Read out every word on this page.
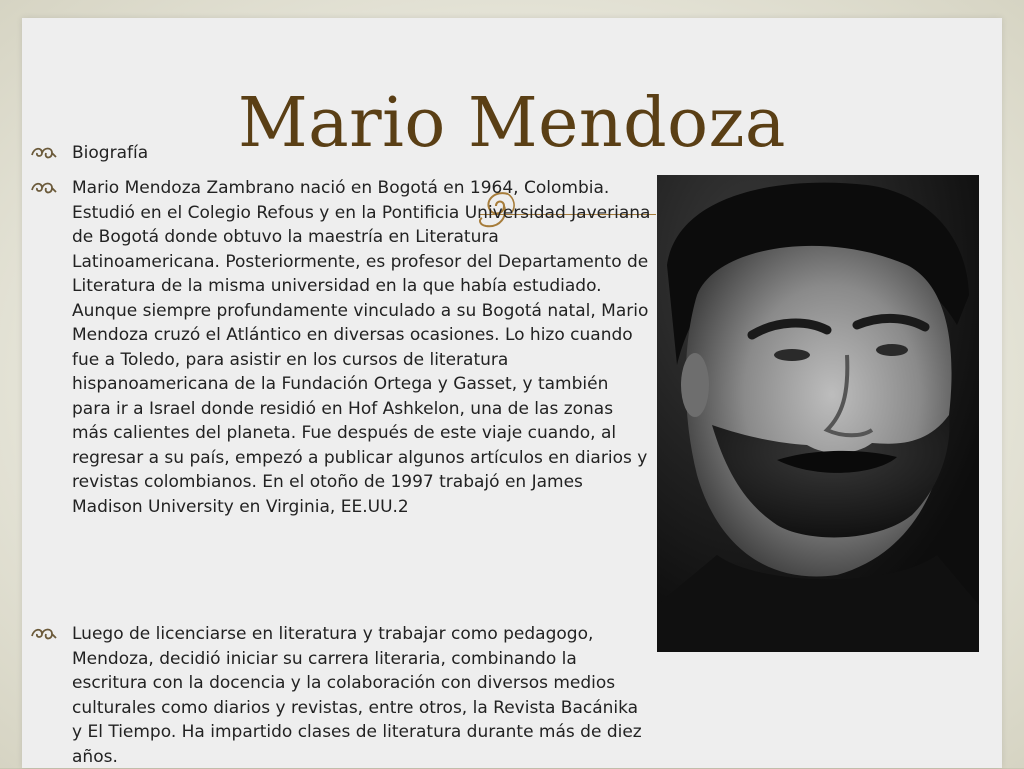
Mario Mendoza
Biografía
Mario Mendoza Zambrano nació en Bogotá en 1964, Colombia. Estudió en el Colegio Refous y en la Pontificia Universidad Javeriana de Bogotá donde obtuvo la maestría en Literatura Latinoamericana. Posteriormente, es profesor del Departamento de Literatura de la misma universidad en la que había estudiado. Aunque siempre profundamente vinculado a su Bogotá natal, Mario Mendoza cruzó el Atlántico en diversas ocasiones. Lo hizo cuando fue a Toledo, para asistir en los cursos de literatura hispanoamericana de la Fundación Ortega y Gasset, y también para ir a Israel donde residió en Hof Ashkelon, una de las zonas más calientes del planeta. Fue después de este viaje cuando, al regresar a su país, empezó a publicar algunos artículos en diarios y revistas colombianos. En el otoño de 1997 trabajó en James Madison University en Virginia, EE.UU.2
Luego de licenciarse en literatura y trabajar como pedagogo, Mendoza, decidió iniciar su carrera literaria, combinando la escritura con la docencia y la colaboración con diversos medios culturales como diarios y revistas, entre otros, la Revista Bacánika y El Tiempo. Ha impartido clases de literatura durante más de diez años.
